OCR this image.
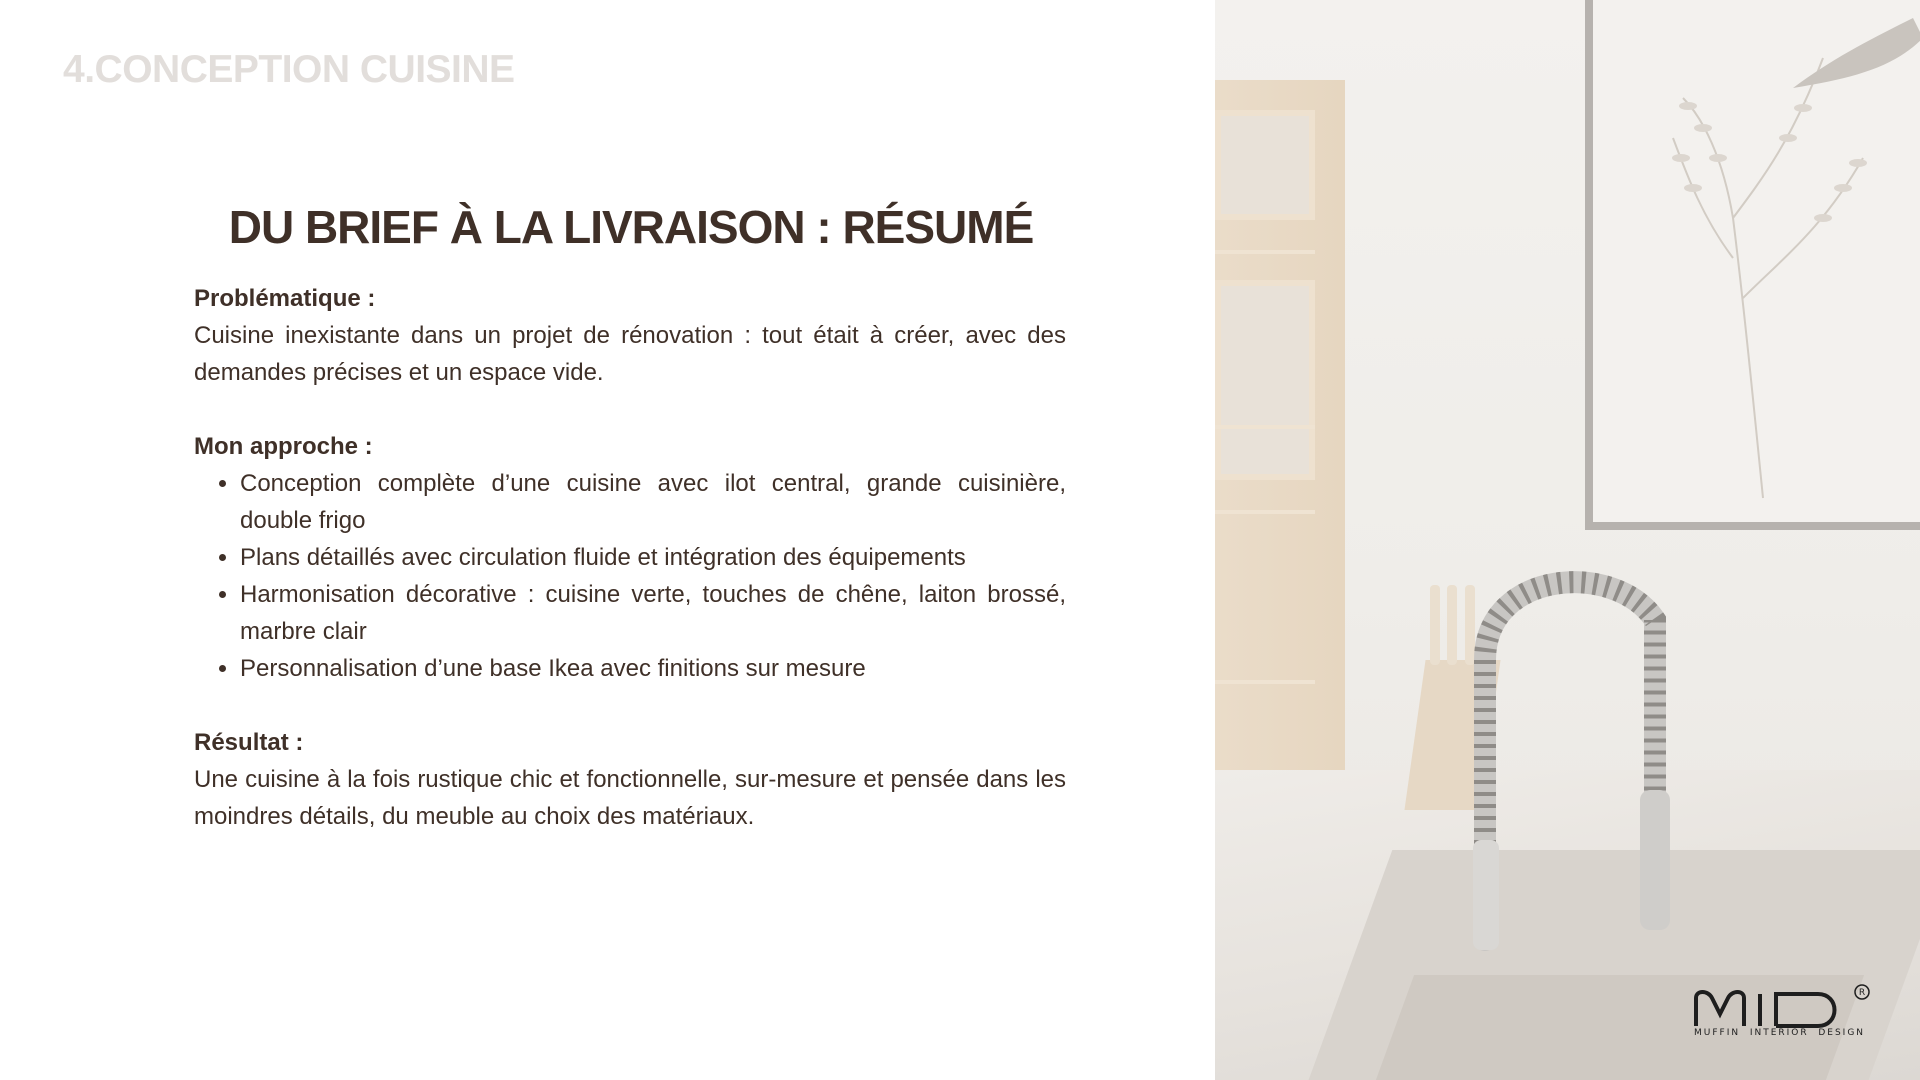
4.CONCEPTION CUISINE
DU BRIEF À LA LIVRAISON : RÉSUMÉ
Problématique :

Cuisine inexistante dans un projet de rénovation : tout était à créer, avec des demandes précises et un espace vide.

Mon approche :
• Conception complète d’une cuisine avec ilot central, grande cuisinière, double frigo
• Plans détaillés avec circulation fluide et intégration des équipements
• Harmonisation décorative : cuisine verte, touches de chêne, laiton brossé, marbre clair
• Personnalisation d’une base Ikea avec finitions sur mesure
Résultat :

Une cuisine à la fois rustique chic et fonctionnelle, sur-mesure et pensée dans les moindres détails, du meuble au choix des matériaux.

R
MUFFIN  INTERIOR  DESIGN
